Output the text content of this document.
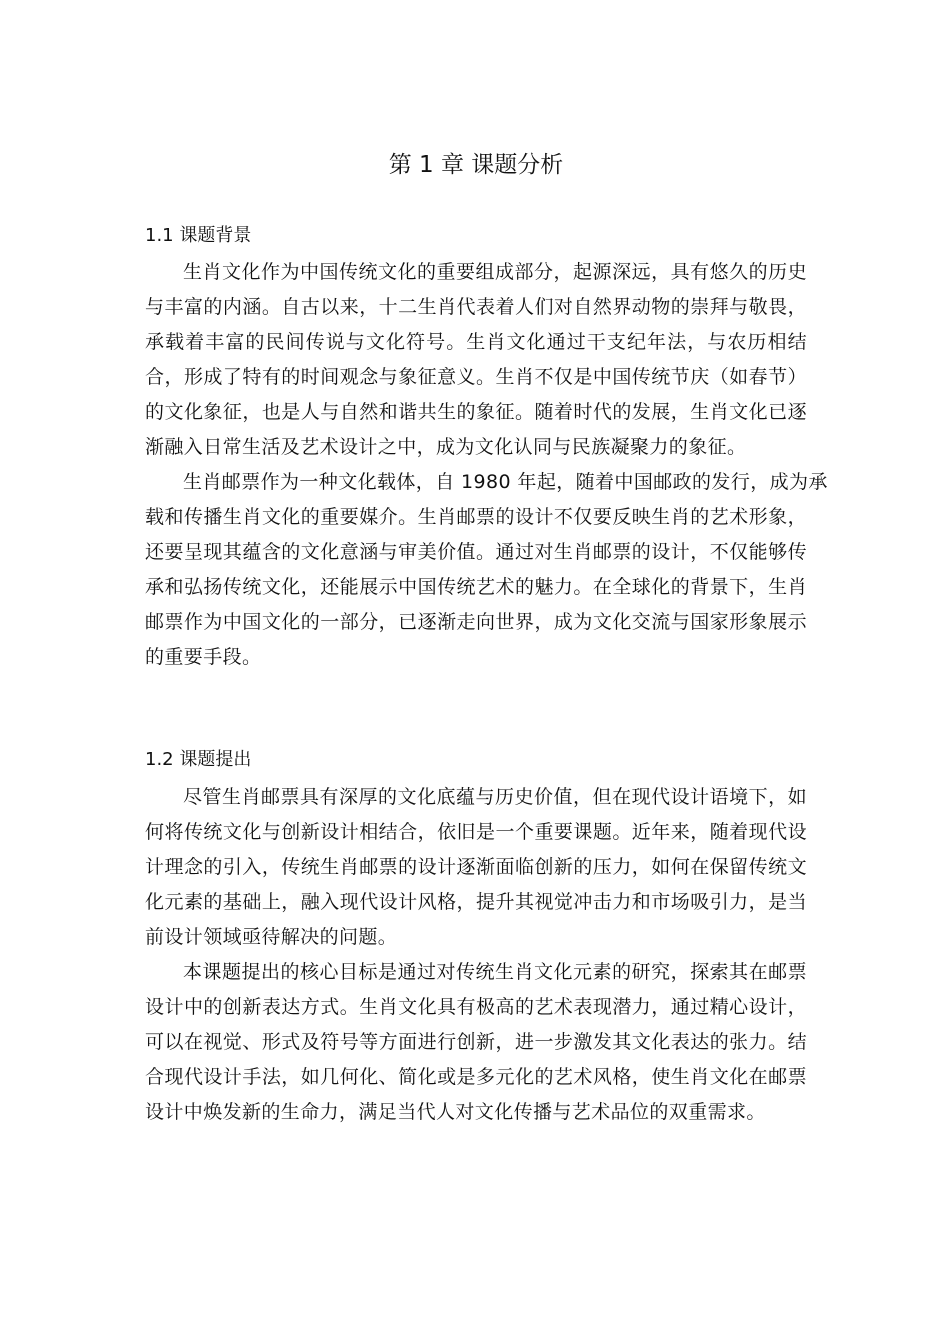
第 1 章 课题分析
1.1 课题背景

生肖文化作为中国传统文化的重要组成部分，起源深远，具有悠久的历史
与丰富的内涵。自古以来，十二生肖代表着人们对自然界动物的崇拜与敬畏，
承载着丰富的民间传说与文化符号。生肖文化通过干支纪年法，与农历相结
合，形成了特有的时间观念与象征意义。生肖不仅是中国传统节庆（如春节）
的文化象征，也是人与自然和谐共生的象征。随着时代的发展，生肖文化已逐
渐融入日常生活及艺术设计之中，成为文化认同与民族凝聚力的象征。

生肖邮票作为一种文化载体，自 1980 年起，随着中国邮政的发行，成为承
载和传播生肖文化的重要媒介。生肖邮票的设计不仅要反映生肖的艺术形象，
还要呈现其蕴含的文化意涵与审美价值。通过对生肖邮票的设计，不仅能够传
承和弘扬传统文化，还能展示中国传统艺术的魅力。在全球化的背景下，生肖
邮票作为中国文化的一部分，已逐渐走向世界，成为文化交流与国家形象展示
的重要手段。

1.2 课题提出

尽管生肖邮票具有深厚的文化底蕴与历史价值，但在现代设计语境下，如
何将传统文化与创新设计相结合，依旧是一个重要课题。近年来，随着现代设
计理念的引入，传统生肖邮票的设计逐渐面临创新的压力，如何在保留传统文
化元素的基础上，融入现代设计风格，提升其视觉冲击力和市场吸引力，是当
前设计领域亟待解决的问题。

本课题提出的核心目标是通过对传统生肖文化元素的研究，探索其在邮票
设计中的创新表达方式。生肖文化具有极高的艺术表现潜力，通过精心设计，
可以在视觉、形式及符号等方面进行创新，进一步激发其文化表达的张力。结
合现代设计手法，如几何化、简化或是多元化的艺术风格，使生肖文化在邮票
设计中焕发新的生命力，满足当代人对文化传播与艺术品位的双重需求。
